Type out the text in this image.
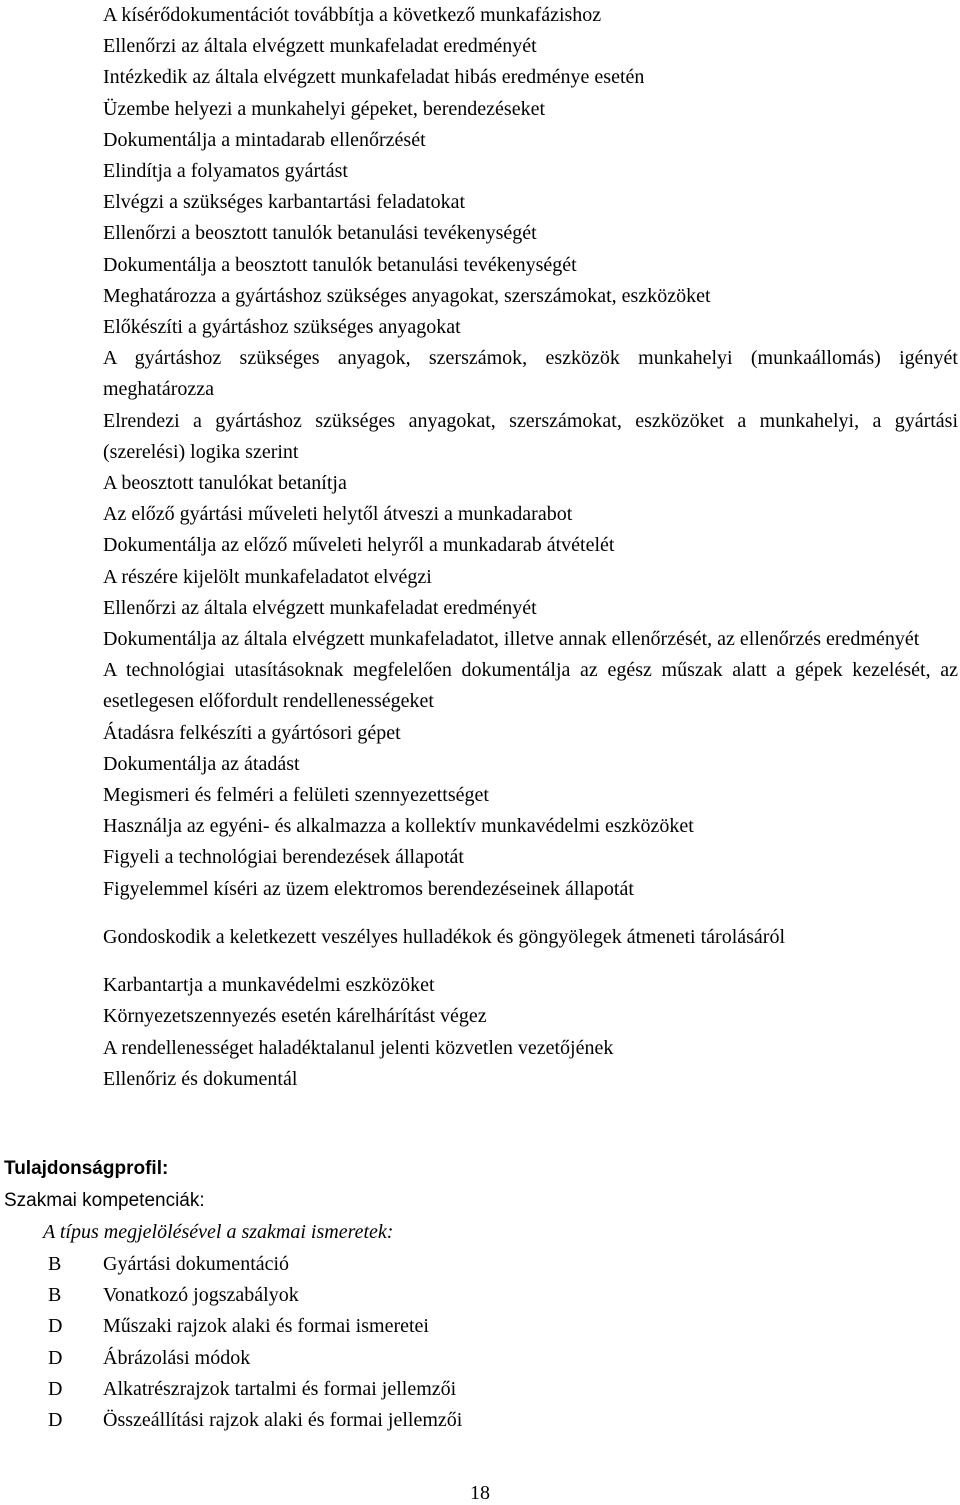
A kísérődokumentációt továbbítja a következő munkafázishoz
Ellenőrzi az általa elvégzett munkafeladat eredményét
Intézkedik az általa elvégzett munkafeladat hibás eredménye esetén
Üzembe helyezi a munkahelyi gépeket, berendezéseket
Dokumentálja a mintadarab ellenőrzését
Elindítja a folyamatos gyártást
Elvégzi a szükséges karbantartási feladatokat
Ellenőrzi a beosztott tanulók betanulási tevékenységét
Dokumentálja a beosztott tanulók betanulási tevékenységét
Meghatározza a gyártáshoz szükséges anyagokat, szerszámokat, eszközöket
Előkészíti a gyártáshoz szükséges anyagokat
A gyártáshoz szükséges anyagok, szerszámok, eszközök munkahelyi (munkaállomás) igényét meghatározza
Elrendezi a gyártáshoz szükséges anyagokat, szerszámokat, eszközöket a munkahelyi, a gyártási (szerelési) logika szerint
A beosztott tanulókat betanítja
Az előző gyártási műveleti helytől átveszi a munkadarabot
Dokumentálja az előző műveleti helyről a munkadarab átvételét
A részére kijelölt munkafeladatot elvégzi
Ellenőrzi az általa elvégzett munkafeladat eredményét
Dokumentálja az általa elvégzett munkafeladatot, illetve annak ellenőrzését, az ellenőrzés eredményét
A technológiai utasításoknak megfelelően dokumentálja az egész műszak alatt a gépek kezelését, az esetlegesen előfordult rendellenességeket
Átadásra felkészíti a gyártósori gépet
Dokumentálja az átadást
Megismeri és felméri a felületi szennyezettséget
Használja az egyéni- és alkalmazza a kollektív munkavédelmi eszközöket
Figyeli a technológiai berendezések állapotát
Figyelemmel kíséri az üzem elektromos berendezéseinek állapotát
Gondoskodik a keletkezett veszélyes hulladékok és göngyölegek átmeneti tárolásáról
Karbantartja a munkavédelmi eszközöket
Környezetszennyezés esetén kárelhárítást végez
A rendellenességet haladéktalanul jelenti közvetlen vezetőjének
Ellenőriz és dokumentál
Tulajdonságprofil:
Szakmai kompetenciák:
A típus megjelölésével a szakmai ismeretek:
B	Gyártási dokumentáció
B	Vonatkozó jogszabályok
D	Műszaki rajzok alaki és formai ismeretei
D	Ábrázolási módok
D	Alkatrészrajzok tartalmi és formai jellemzői
D	Összeállítási rajzok alaki és formai jellemzői
18
